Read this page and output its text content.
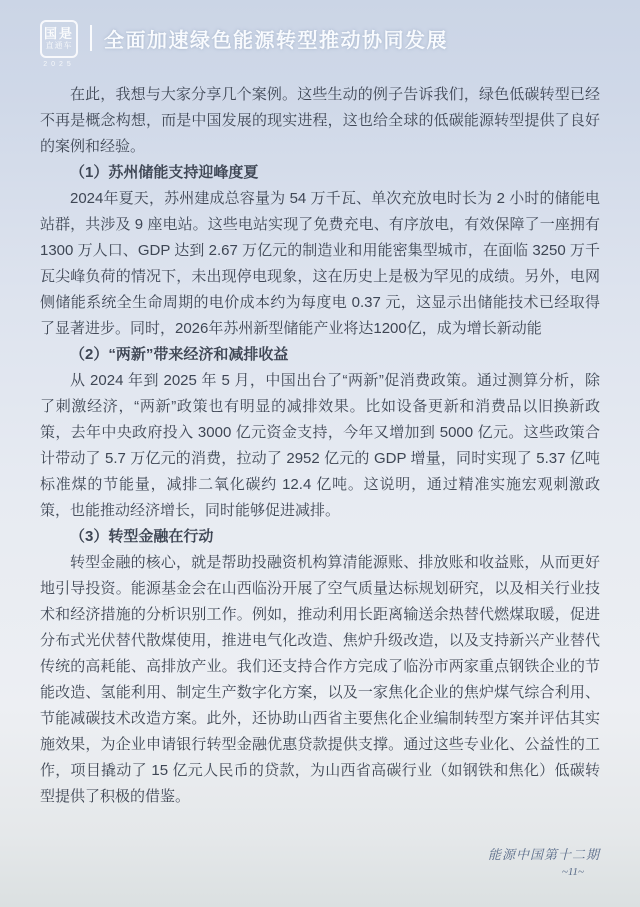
国是
直通车
2025
全面加速绿色能源转型推动协同发展

在此，我想与大家分享几个案例。这些生动的例子告诉我们，绿色低碳转型已经不再是概念构想，而是中国发展的现实进程，这也给全球的低碳能源转型提供了良好的案例和经验。

（1）苏州储能支持迎峰度夏

2024年夏天，苏州建成总容量为 54 万千瓦、单次充放电时长为 2 小时的储能电站群，共涉及 9 座电站。这些电站实现了免费充电、有序放电，有效保障了一座拥有 1300 万人口、GDP 达到 2.67 万亿元的制造业和用能密集型城市，在面临 3250 万千瓦尖峰负荷的情况下，未出现停电现象，这在历史上是极为罕见的成绩。另外，电网侧储能系统全生命周期的电价成本约为每度电 0.37 元，这显示出储能技术已经取得了显著进步。同时，2026年苏州新型储能产业将达1200亿，成为增长新动能

（2）“两新”带来经济和减排收益

从 2024 年到 2025 年 5 月，中国出台了“两新”促消费政策。通过测算分析，除了刺激经济，“两新”政策也有明显的减排效果。比如设备更新和消费品以旧换新政策，去年中央政府投入 3000 亿元资金支持，今年又增加到 5000 亿元。这些政策合计带动了 5.7 万亿元的消费，拉动了 2952 亿元的 GDP 增量，同时实现了 5.37 亿吨标准煤的节能量，减排二氧化碳约 12.4 亿吨。这说明，通过精准实施宏观刺激政策，也能推动经济增长，同时能够促进减排。

（3）转型金融在行动

转型金融的核心，就是帮助投融资机构算清能源账、排放账和收益账，从而更好地引导投资。能源基金会在山西临汾开展了空气质量达标规划研究，以及相关行业技术和经济措施的分析识别工作。例如，推动利用长距离输送余热替代燃煤取暖，促进分布式光伏替代散煤使用，推进电气化改造、焦炉升级改造，以及支持新兴产业替代传统的高耗能、高排放产业。我们还支持合作方完成了临汾市两家重点钢铁企业的节能改造、氢能利用、制定生产数字化方案，以及一家焦化企业的焦炉煤气综合利用、节能减碳技术改造方案。此外，还协助山西省主要焦化企业编制转型方案并评估其实施效果，为企业申请银行转型金融优惠贷款提供支撑。通过这些专业化、公益性的工作，项目撬动了 15 亿元人民币的贷款，为山西省高碳行业（如钢铁和焦化）低碳转型提供了积极的借鉴。

能源中国第十二期
~11~
